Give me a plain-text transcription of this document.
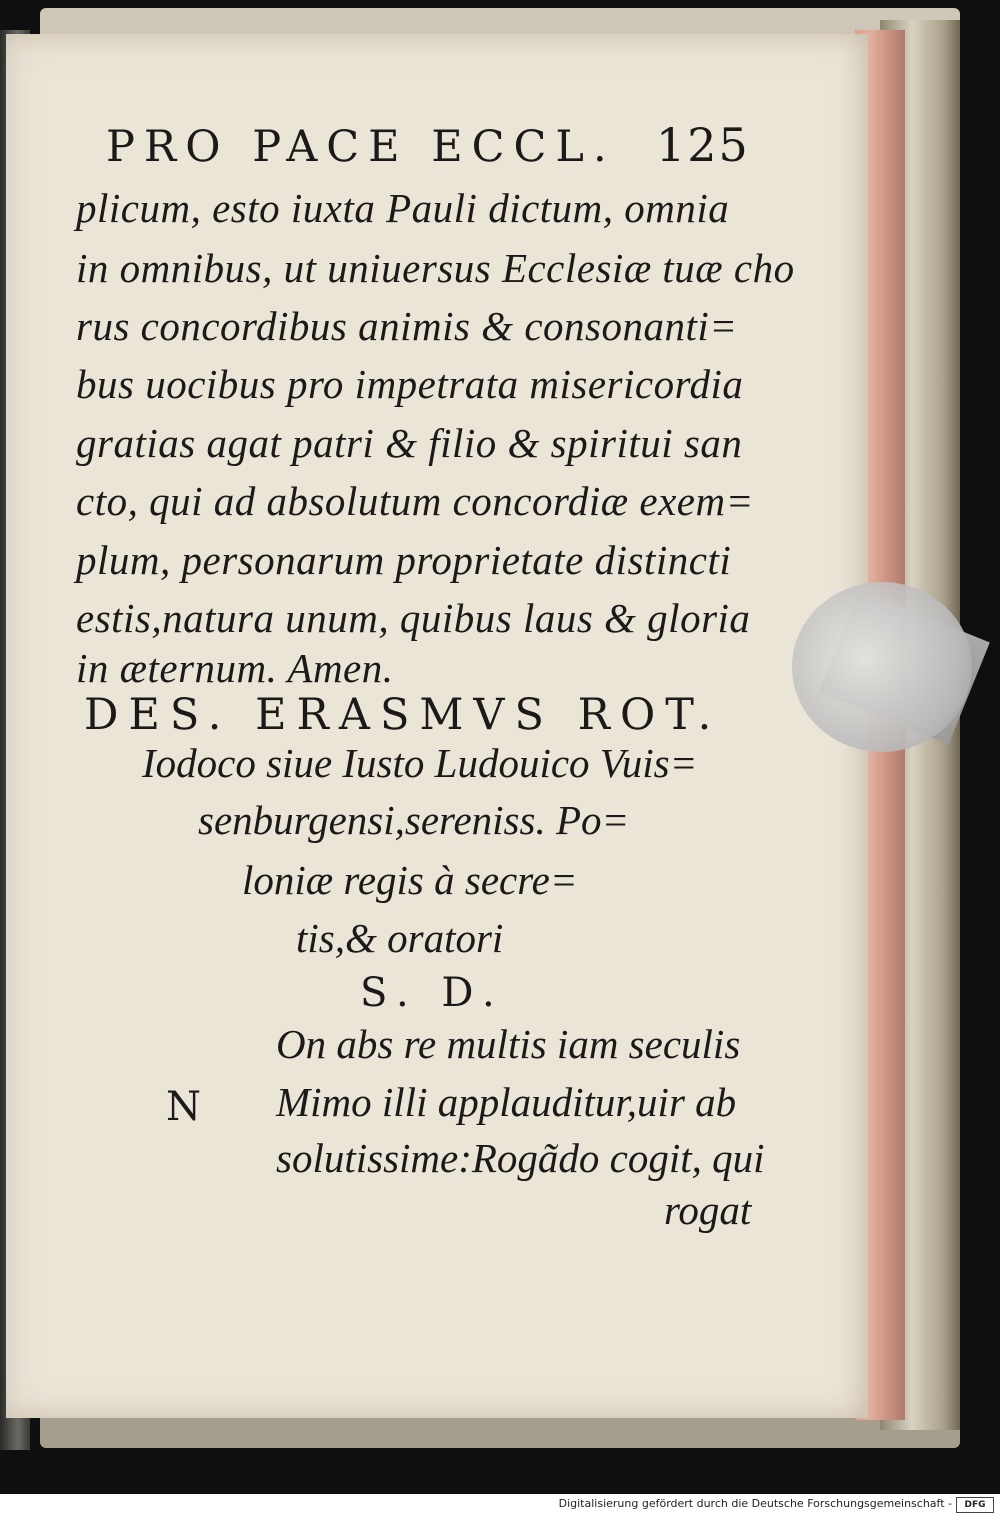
PRO PACE ECCL. 125
plicum, esto iuxta Pauli dictum, omnia
in omnibus, ut uniuersus Ecclesiæ tuæ cho
rus concordibus animis & consonanti=
bus uocibus pro impetrata misericordia
gratias agat patri & filio & spiritui san
cto, qui ad absolutum concordiæ exem=
plum, personarum proprietate distincti
estis,natura unum, quibus laus & gloria
in æternum. Amen.
DES. ERASMVS ROT.
Iodoco siue Iusto Ludouico Vuis=
senburgensi,sereniss. Po=
loniæ regis à secre=
tis,& oratori
S. D.
N
On abs re multis iam seculis
Mimo illi applauditur,uir ab
solutissime:Rogãdo cogit, qui
rogat
Digitalisierung gefördert durch die Deutsche Forschungsgemeinschaft -	DFG
